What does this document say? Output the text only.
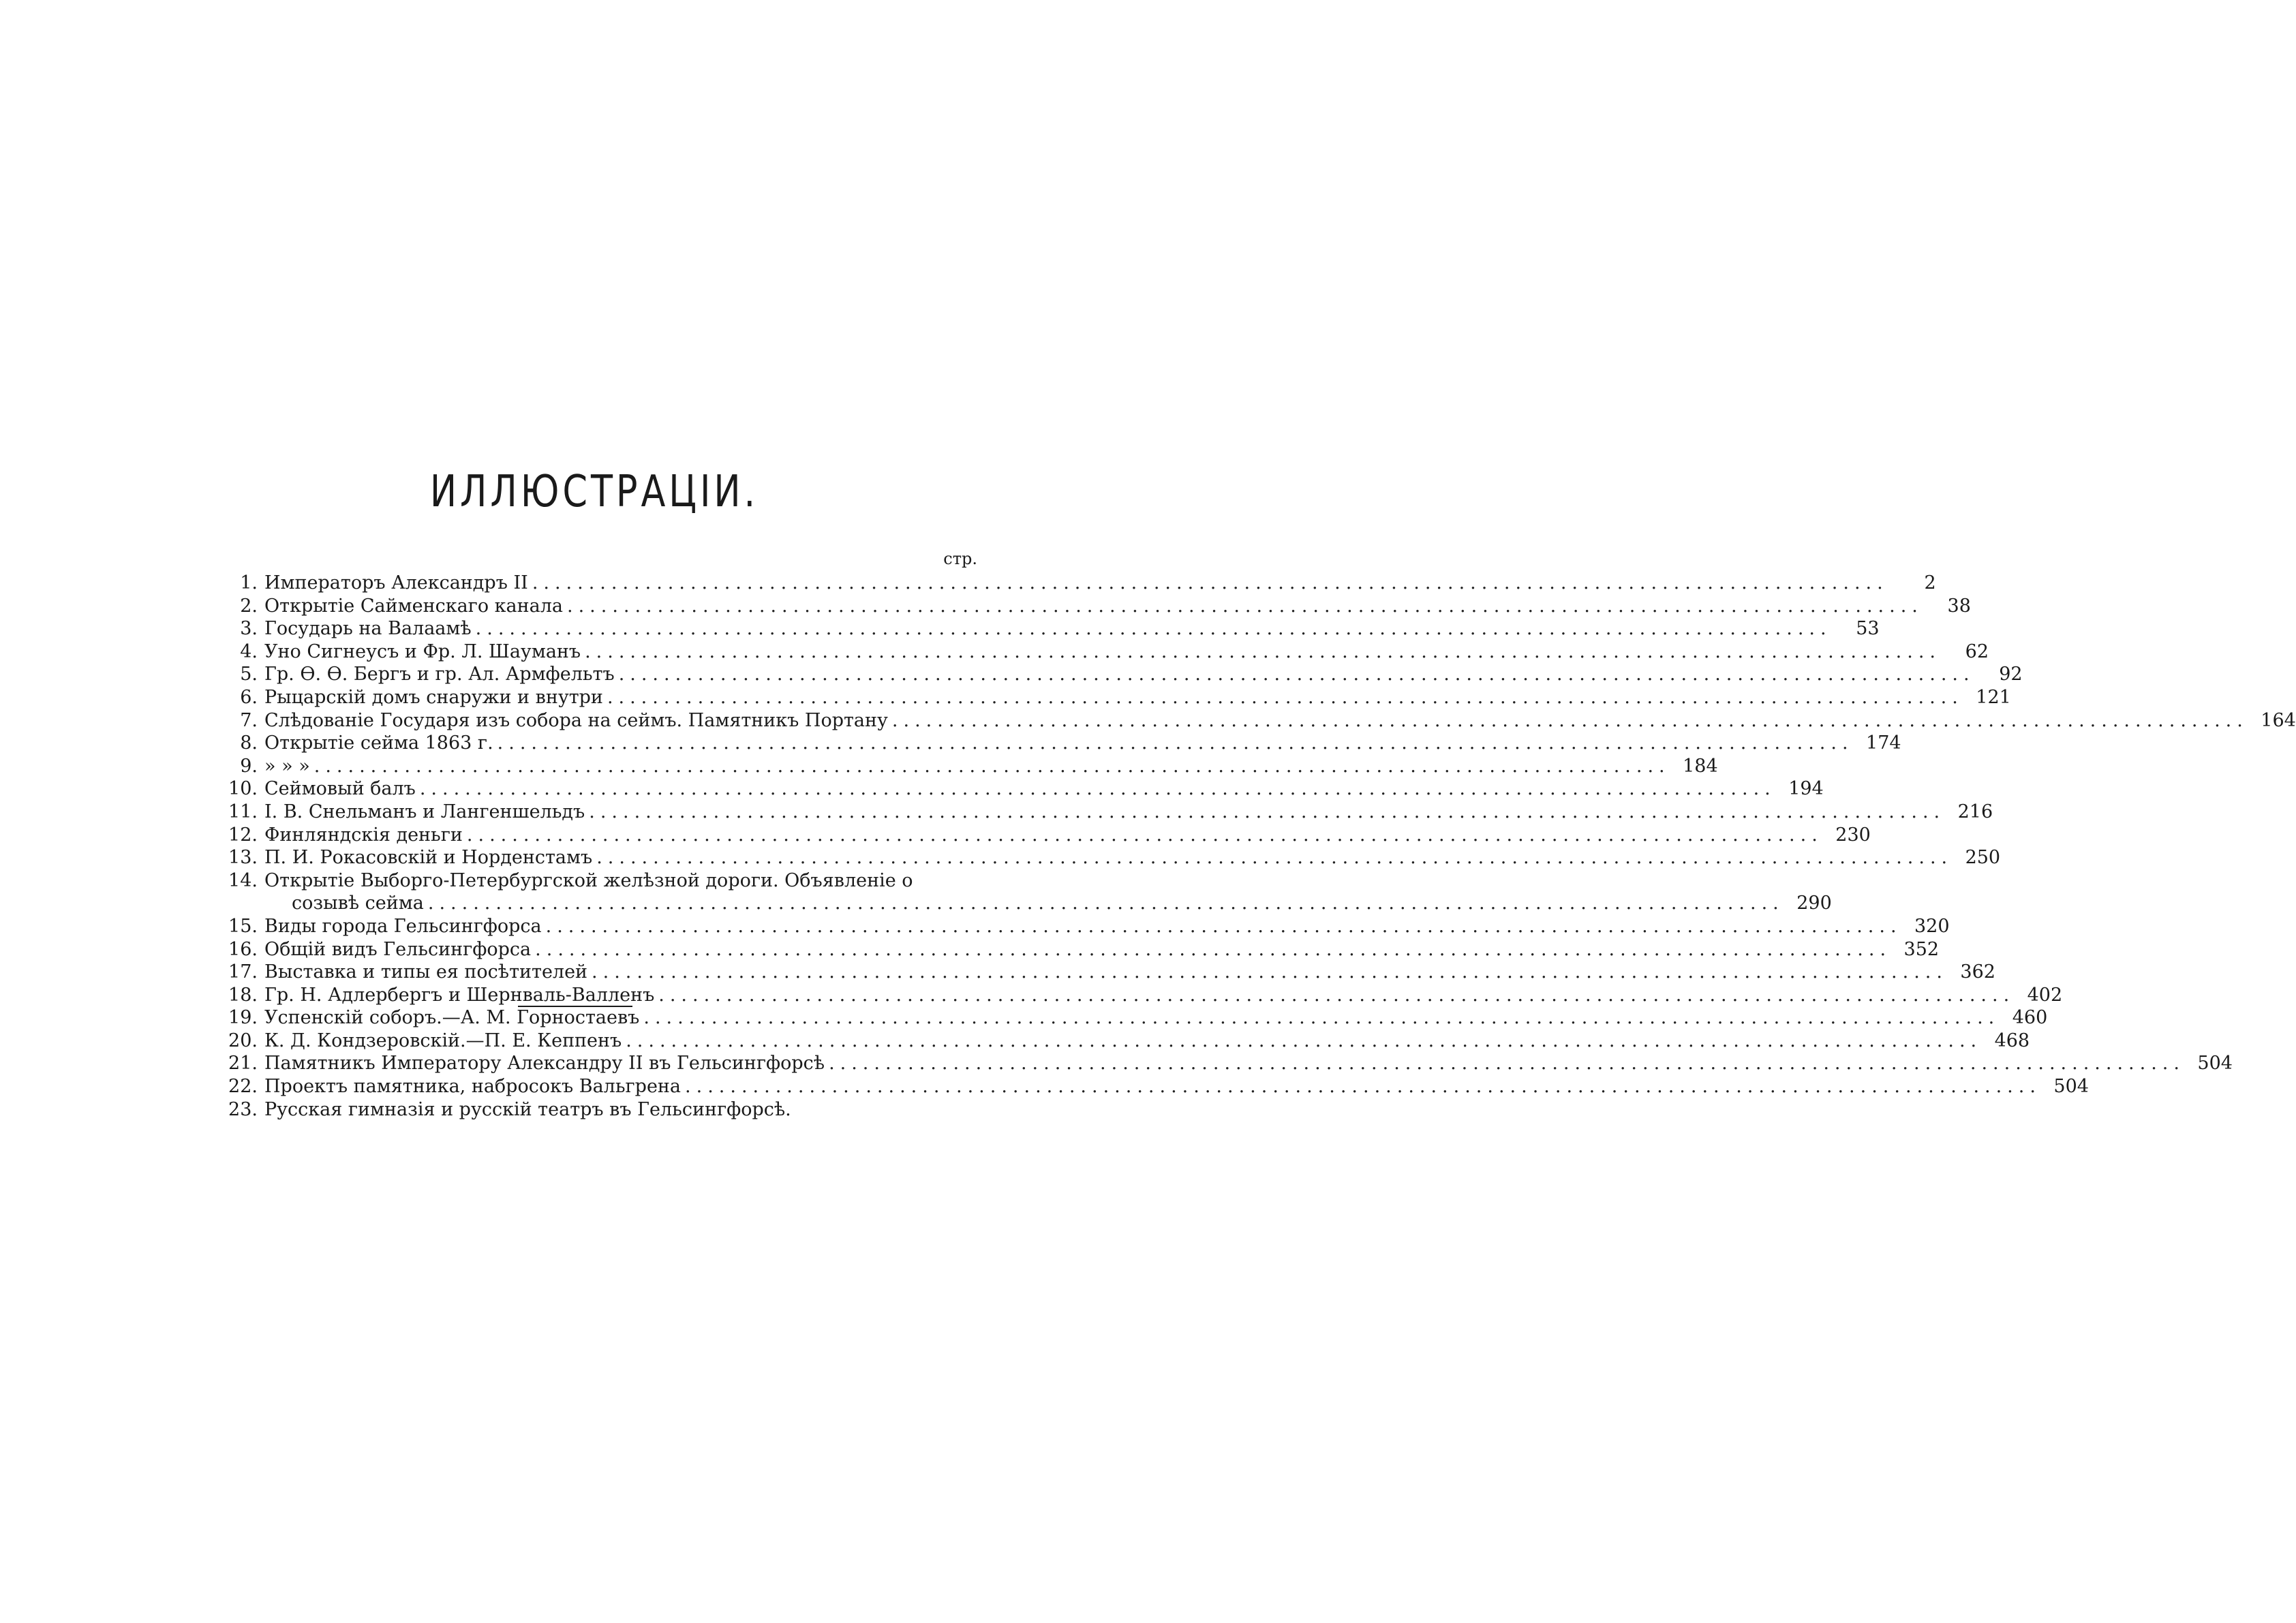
ИЛЛЮСТРАЦІИ.
стр.
1. Императоръ Александръ II ........................................................................................................................	2
2. Открытіе Сайменскаго канала ........................................................................................................................	38
3. Государь на Валаамѣ ........................................................................................................................	53
4. Уно Сигнеусъ и Фр. Л. Шауманъ ........................................................................................................................	62
5. Гр. Ѳ. Ѳ. Бергъ и гр. Ал. Армфельтъ ........................................................................................................................	92
6. Рыцарскій домъ снаружи и внутри ........................................................................................................................ 121
7. Слѣдованіе Государя изъ собора на сеймъ. Памятникъ Портану ........................................................................................................................ 164
8. Открытіе сейма 1863 г. ........................................................................................................................ 174
9. » » » ........................................................................................................................ 184
10. Сеймовый балъ ........................................................................................................................ 194
11. І. В. Снельманъ и Лангеншельдъ ........................................................................................................................ 216
12. Финляндскія деньги ........................................................................................................................ 230
13. П. И. Рокасовскій и Норденстамъ ........................................................................................................................ 250
14. Открытіе Выборго-Петербургской желѣзной дороги. Объявленіе о
созывѣ сейма ........................................................................................................................ 290
15. Виды города Гельсингфорса ........................................................................................................................ 320
16. Общій видъ Гельсингфорса ........................................................................................................................ 352
17. Выставка и типы ея посѣтителей ........................................................................................................................ 362
18. Гр. Н. Адлербергъ и Шернваль-Валленъ ........................................................................................................................ 402
19. Успенскій соборъ.—А. М. Горностаевъ ........................................................................................................................ 460
20. К. Д. Кондзеровскій.—П. Е. Кеппенъ ........................................................................................................................ 468
21. Памятникъ Императору Александру II въ Гельсингфорсѣ ........................................................................................................................ 504
22. Проектъ памятника, набросокъ Вальгрена ........................................................................................................................ 504
23. Русская гимназія и русскій театръ въ Гельсингфорсѣ.
